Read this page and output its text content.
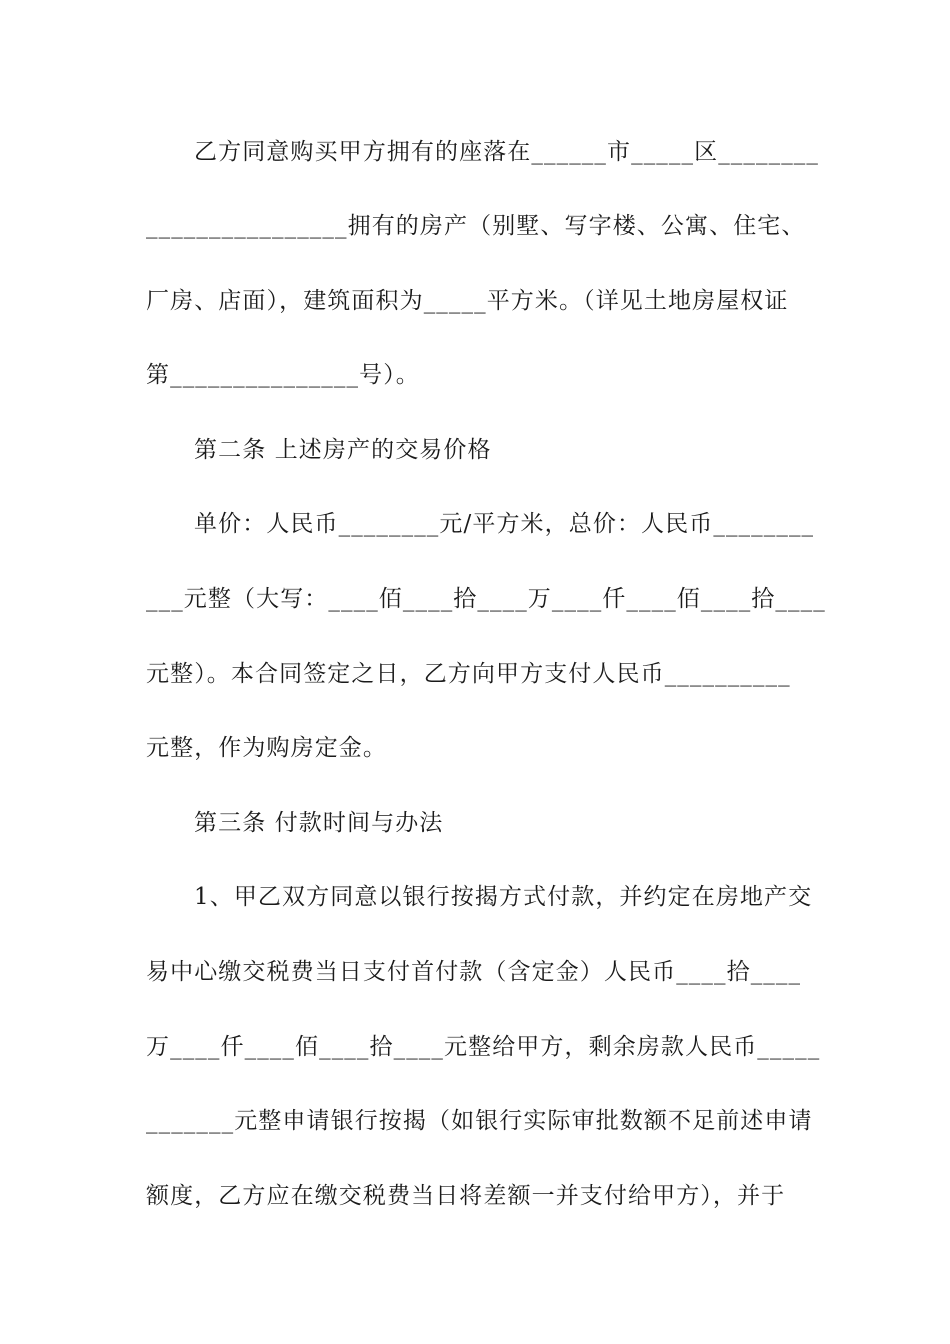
乙方同意购买甲方拥有的座落在______市_____区________
________________拥有的房产（别墅、写字楼、公寓、住宅、
厂房、店面），建筑面积为_____平方米。（详见土地房屋权证
第_______________号）。
第二条 上述房产的交易价格
单价：人民币________元/平方米，总价：人民币________
___元整（大写：____佰____拾____万____仟____佰____拾____
元整）。本合同签定之日，乙方向甲方支付人民币__________
元整，作为购房定金。
第三条 付款时间与办法
1、甲乙双方同意以银行按揭方式付款，并约定在房地产交
易中心缴交税费当日支付首付款（含定金）人民币____拾____
万____仟____佰____拾____元整给甲方，剩余房款人民币_____
_______元整申请银行按揭（如银行实际审批数额不足前述申请
额度，乙方应在缴交税费当日将差额一并支付给甲方），并于
